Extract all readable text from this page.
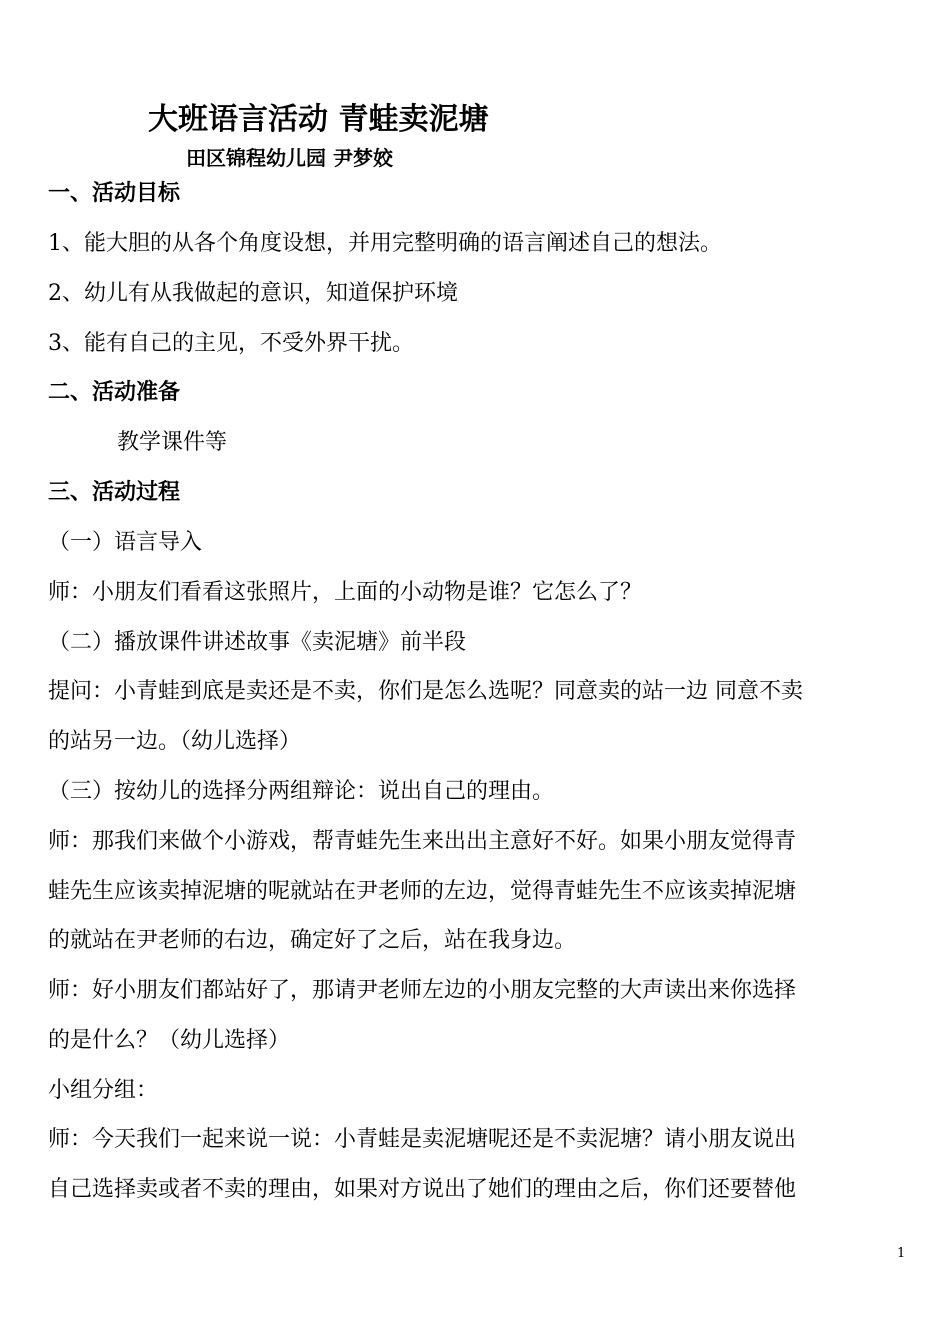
大班语言活动 青蛙卖泥塘
田区锦程幼儿园 尹梦姣
一、活动目标
1、能大胆的从各个角度设想，并用完整明确的语言阐述自己的想法。
2、幼儿有从我做起的意识，知道保护环境
3、能有自己的主见，不受外界干扰。
二、活动准备
教学课件等
三、活动过程
（一）语言导入
师：小朋友们看看这张照片，上面的小动物是谁？它怎么了？
（二）播放课件讲述故事《卖泥塘》前半段
提问：小青蛙到底是卖还是不卖，你们是怎么选呢？同意卖的站一边 同意不卖
的站另一边。（幼儿选择）
（三）按幼儿的选择分两组辩论：说出自己的理由。
师：那我们来做个小游戏，帮青蛙先生来出出主意好不好。如果小朋友觉得青
蛙先生应该卖掉泥塘的呢就站在尹老师的左边，觉得青蛙先生不应该卖掉泥塘
的就站在尹老师的右边，确定好了之后，站在我身边。
师：好小朋友们都站好了，那请尹老师左边的小朋友完整的大声读出来你选择
的是什么？（幼儿选择）
小组分组：
师：今天我们一起来说一说：小青蛙是卖泥塘呢还是不卖泥塘？请小朋友说出
自己选择卖或者不卖的理由，如果对方说出了她们的理由之后，你们还要替他
1
